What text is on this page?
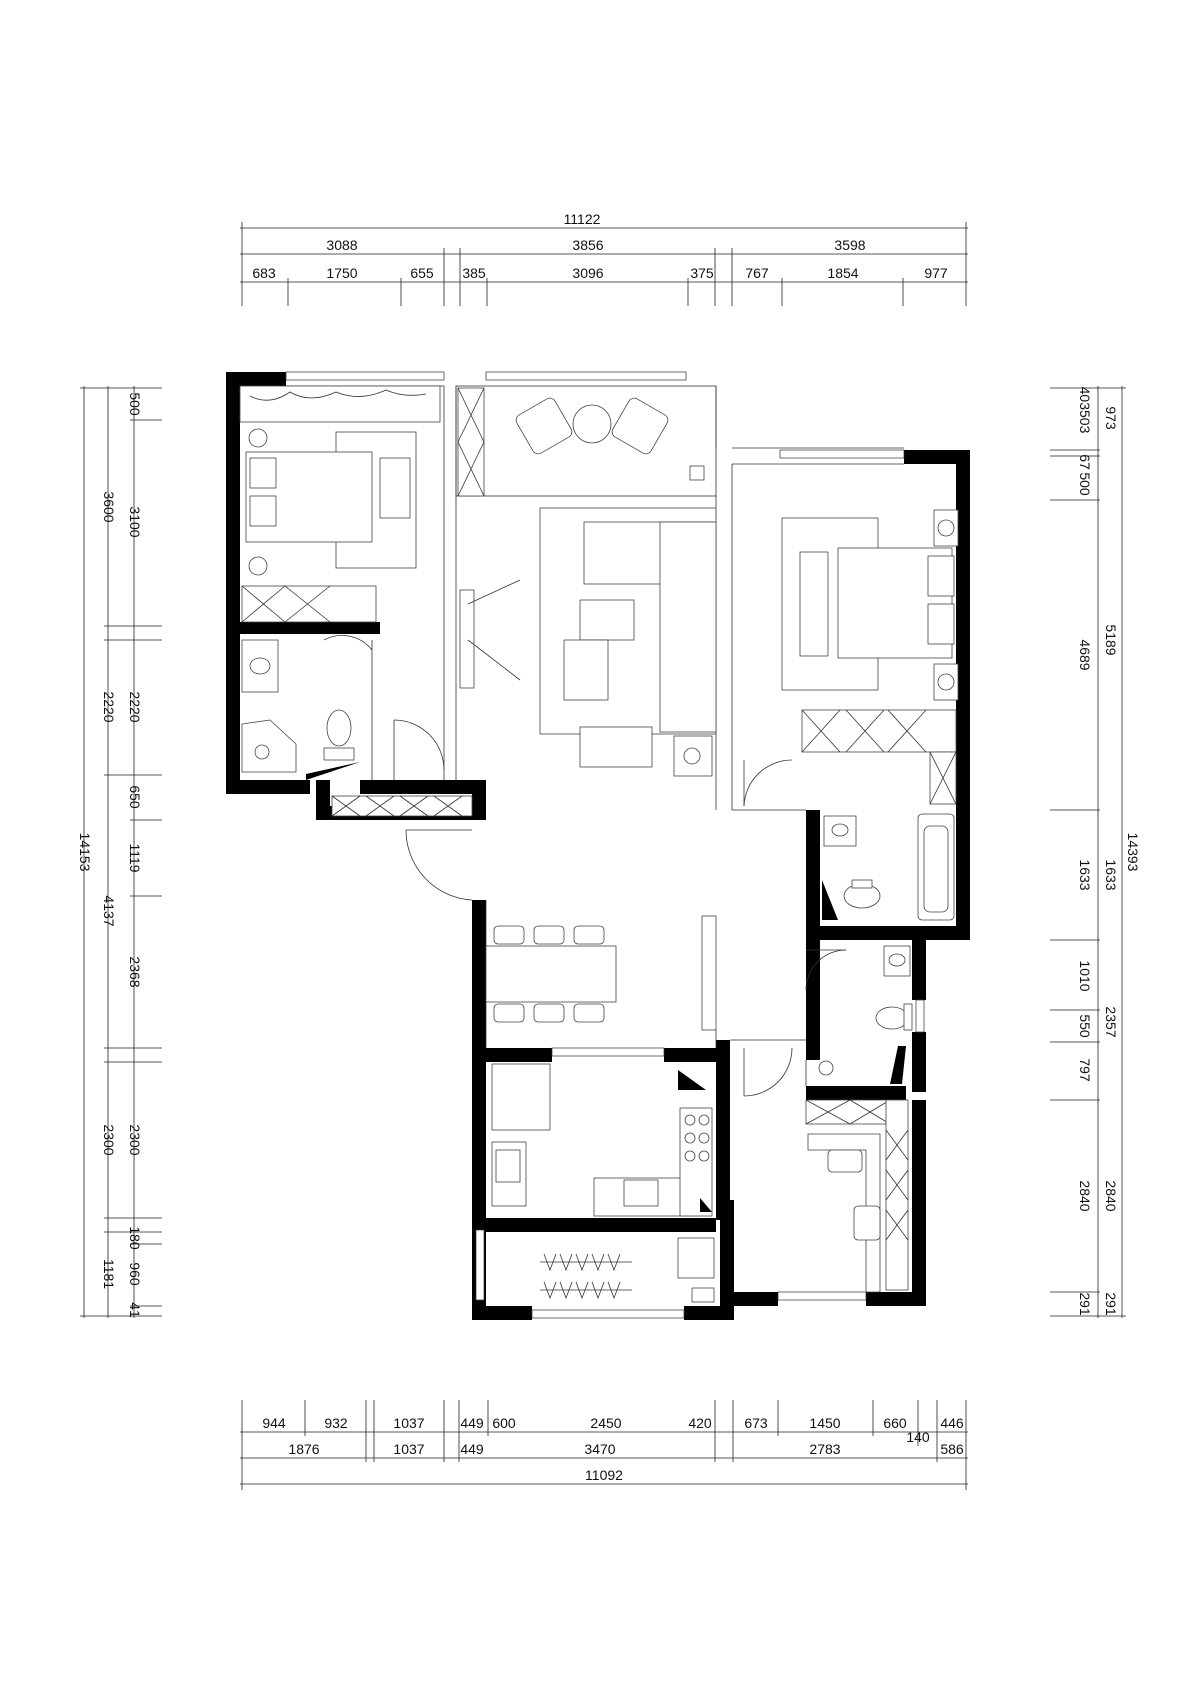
11122
3088	3856	3598
683	1750	655 385	3096	375 767	1854	977
944	932	1037	449 600	2450	420 673	1450	660 446
1876	1037	449	3470	2783
140
586
11092
14153
3600
2220
4137
2300
1181
500
3100
2220
650
1119
2368
2300
180
960
41
973
5189
1633
2357
2840
291
14393
403503
67
500
4689
1633
1010
550
797
2840
291
